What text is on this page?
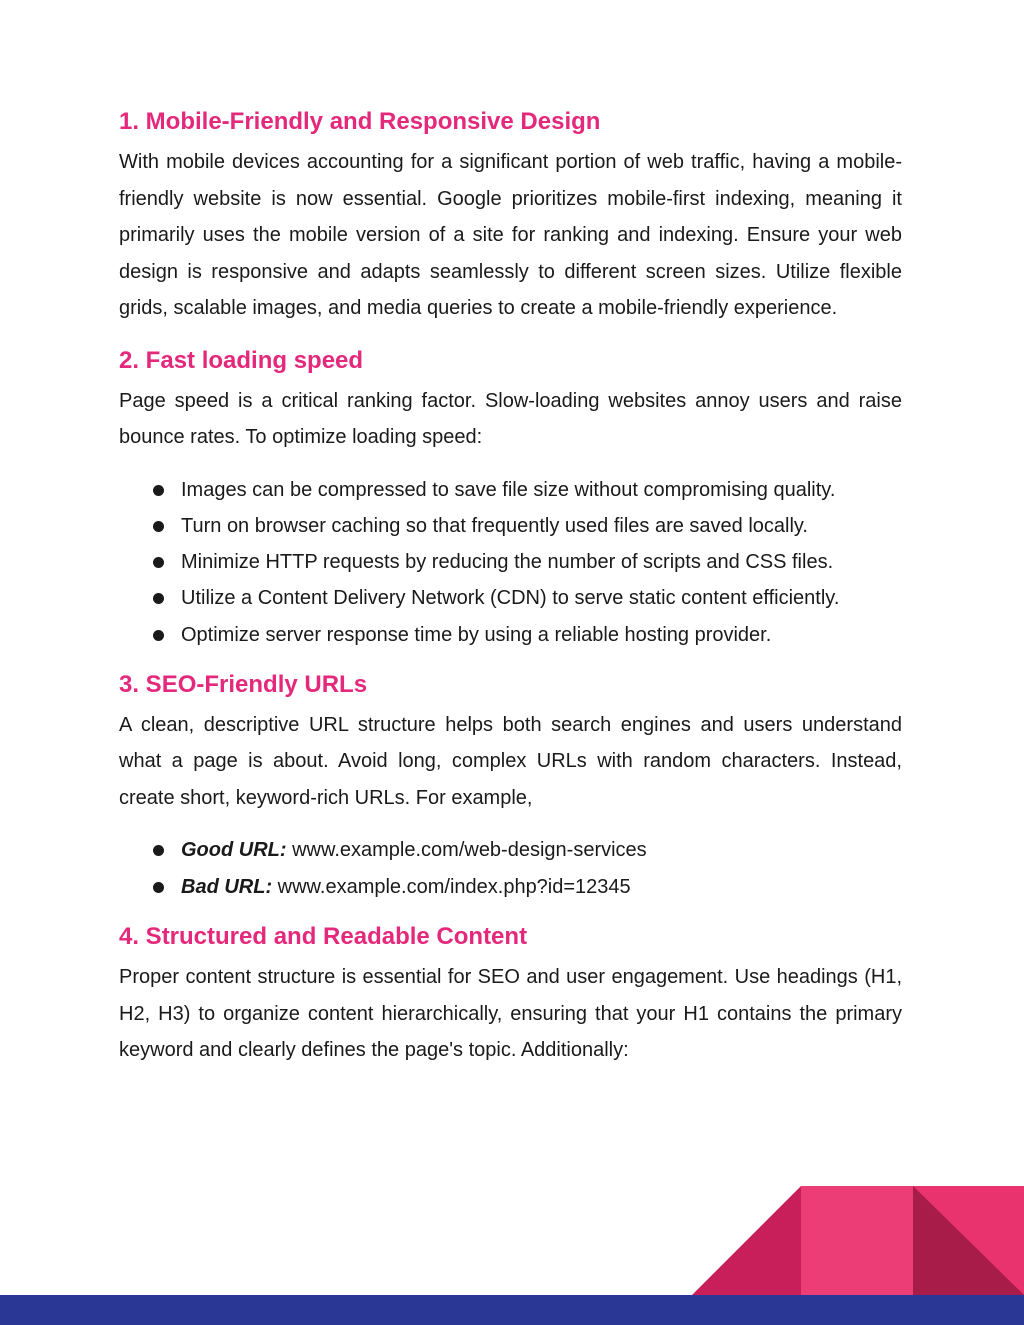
1. Mobile-Friendly and Responsive Design

With mobile devices accounting for a significant portion of web traffic, having a mobile-friendly website is now essential. Google prioritizes mobile-first indexing, meaning it primarily uses the mobile version of a site for ranking and indexing. Ensure your web design is responsive and adapts seamlessly to different screen sizes. Utilize flexible grids, scalable images, and media queries to create a mobile-friendly experience.

2. Fast loading speed

Page speed is a critical ranking factor. Slow-loading websites annoy users and raise bounce rates. To optimize loading speed:

Images can be compressed to save file size without compromising quality.
Turn on browser caching so that frequently used files are saved locally.
Minimize HTTP requests by reducing the number of scripts and CSS files.
Utilize a Content Delivery Network (CDN) to serve static content efficiently.
Optimize server response time by using a reliable hosting provider.
3. SEO-Friendly URLs

A clean, descriptive URL structure helps both search engines and users understand what a page is about. Avoid long, complex URLs with random characters. Instead, create short, keyword-rich URLs. For example,

Good URL: www.example.com/web-design-services
Bad URL: www.example.com/index.php?id=12345
4. Structured and Readable Content

Proper content structure is essential for SEO and user engagement. Use headings (H1, H2, H3) to organize content hierarchically, ensuring that your H1 contains the primary keyword and clearly defines the page's topic. Additionally:
